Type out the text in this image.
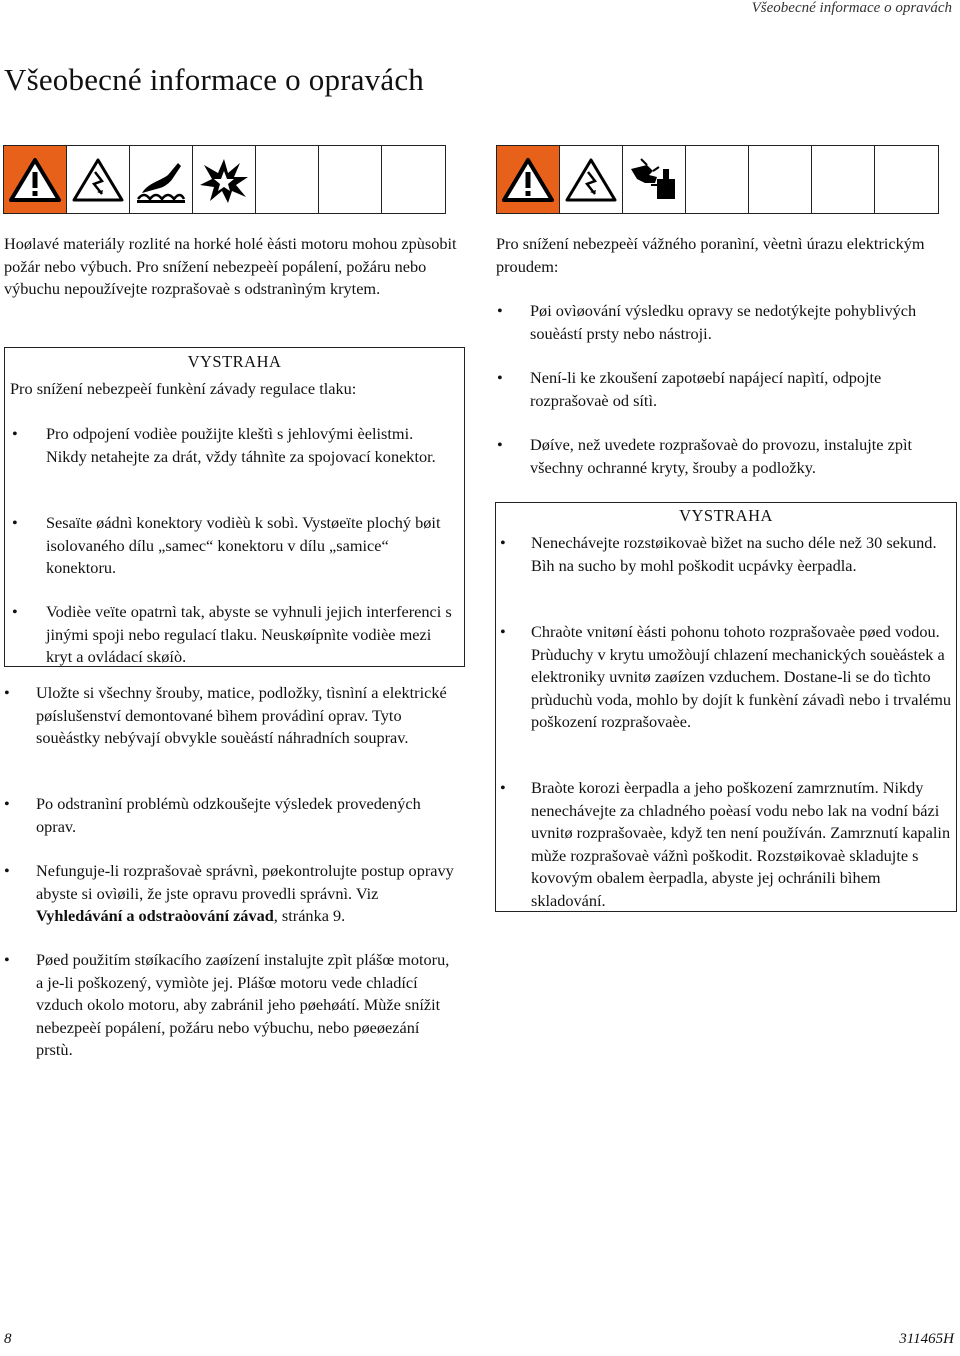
Všeobecné informace o opravách
Všeobecné informace o opravách

Hoølavé materiály rozlité na horké holé èásti motoru mohou zpùsobit požár nebo výbuch. Pro snížení nebezpeèí popálení, požáru nebo výbuchu nepoužívejte rozprašovaè s odstranìným krytem.

VYSTRAHA

Pro snížení nebezpeèí funkèní závady regulace tlaku:

• Pro odpojení vodièe použijte kleštì s jehlovými èelistmi. Nikdy netahejte za drát, vždy táhnìte za spojovací konektor.
• Sesaïte øádnì konektory vodièù k sobì. Vystøeïte plochý bøit isolovaného dílu „samec“ konektoru v dílu „samice“ konektoru.
• Vodièe veïte opatrnì tak, abyste se vyhnuli jejich interferenci s jinými spoji nebo regulací tlaku. Neuskøípnìte vodièe mezi kryt a ovládací skøíò.
• Uložte si všechny šrouby, matice, podložky, tìsnìní a elektrické pøíslušenství demontované bìhem provádìní oprav. Tyto souèástky nebývají obvykle souèástí náhradních souprav.
• Po odstranìní problémù odzkoušejte výsledek provedených oprav.
• Nefunguje-li rozprašovaè správnì, pøekontrolujte postup opravy abyste si ovìøili, že jste opravu provedli správnì. Viz Vyhledávání a odstraòování závad, stránka 9.
• Pøed použitím støíkacího zaøízení instalujte zpìt plášœ motoru, a je-li poškozený, vymìòte jej. Plášœ motoru vede chladící vzduch okolo motoru, aby zabránil jeho pøehøátí. Mùže snížit nebezpeèí popálení, požáru nebo výbuchu, nebo pøeøezání prstù.

Pro snížení nebezpeèí vážného poranìní, vèetnì úrazu elektrickým proudem:

• Pøi ovìøování výsledku opravy se nedotýkejte pohyblivých souèástí prsty nebo nástroji.
• Není-li ke zkoušení zapotøebí napájecí napìtí, odpojte rozprašovaè od sítì.
• Døíve, než uvedete rozprašovaè do provozu, instalujte zpìt všechny ochranné kryty, šrouby a podložky.
VYSTRAHA
• Nenechávejte rozstøikovaè bìžet na sucho déle než 30 sekund. Bìh na sucho by mohl poškodit ucpávky èerpadla.
• Chraòte vnitøní èásti pohonu tohoto rozprašovaèe pøed vodou. Prùduchy v krytu umožòují chlazení mechanických souèástek a elektroniky uvnitø zaøízen vzduchem. Dostane-li se do tìchto prùduchù voda, mohlo by dojít k funkèní závadì nebo i trvalému poškození rozprašovaèe.
• Braòte korozi èerpadla a jeho poškození zamrznutím. Nikdy nenechávejte za chladného poèasí vodu nebo lak na vodní bázi uvnitø rozprašovaèe, když ten není používán. Zamrznutí kapalin mùže rozprašovaè vážnì poškodit. Rozstøikovaè skladujte s kovovým obalem èerpadla, abyste jej ochránili bìhem skladování.
8	311465H
